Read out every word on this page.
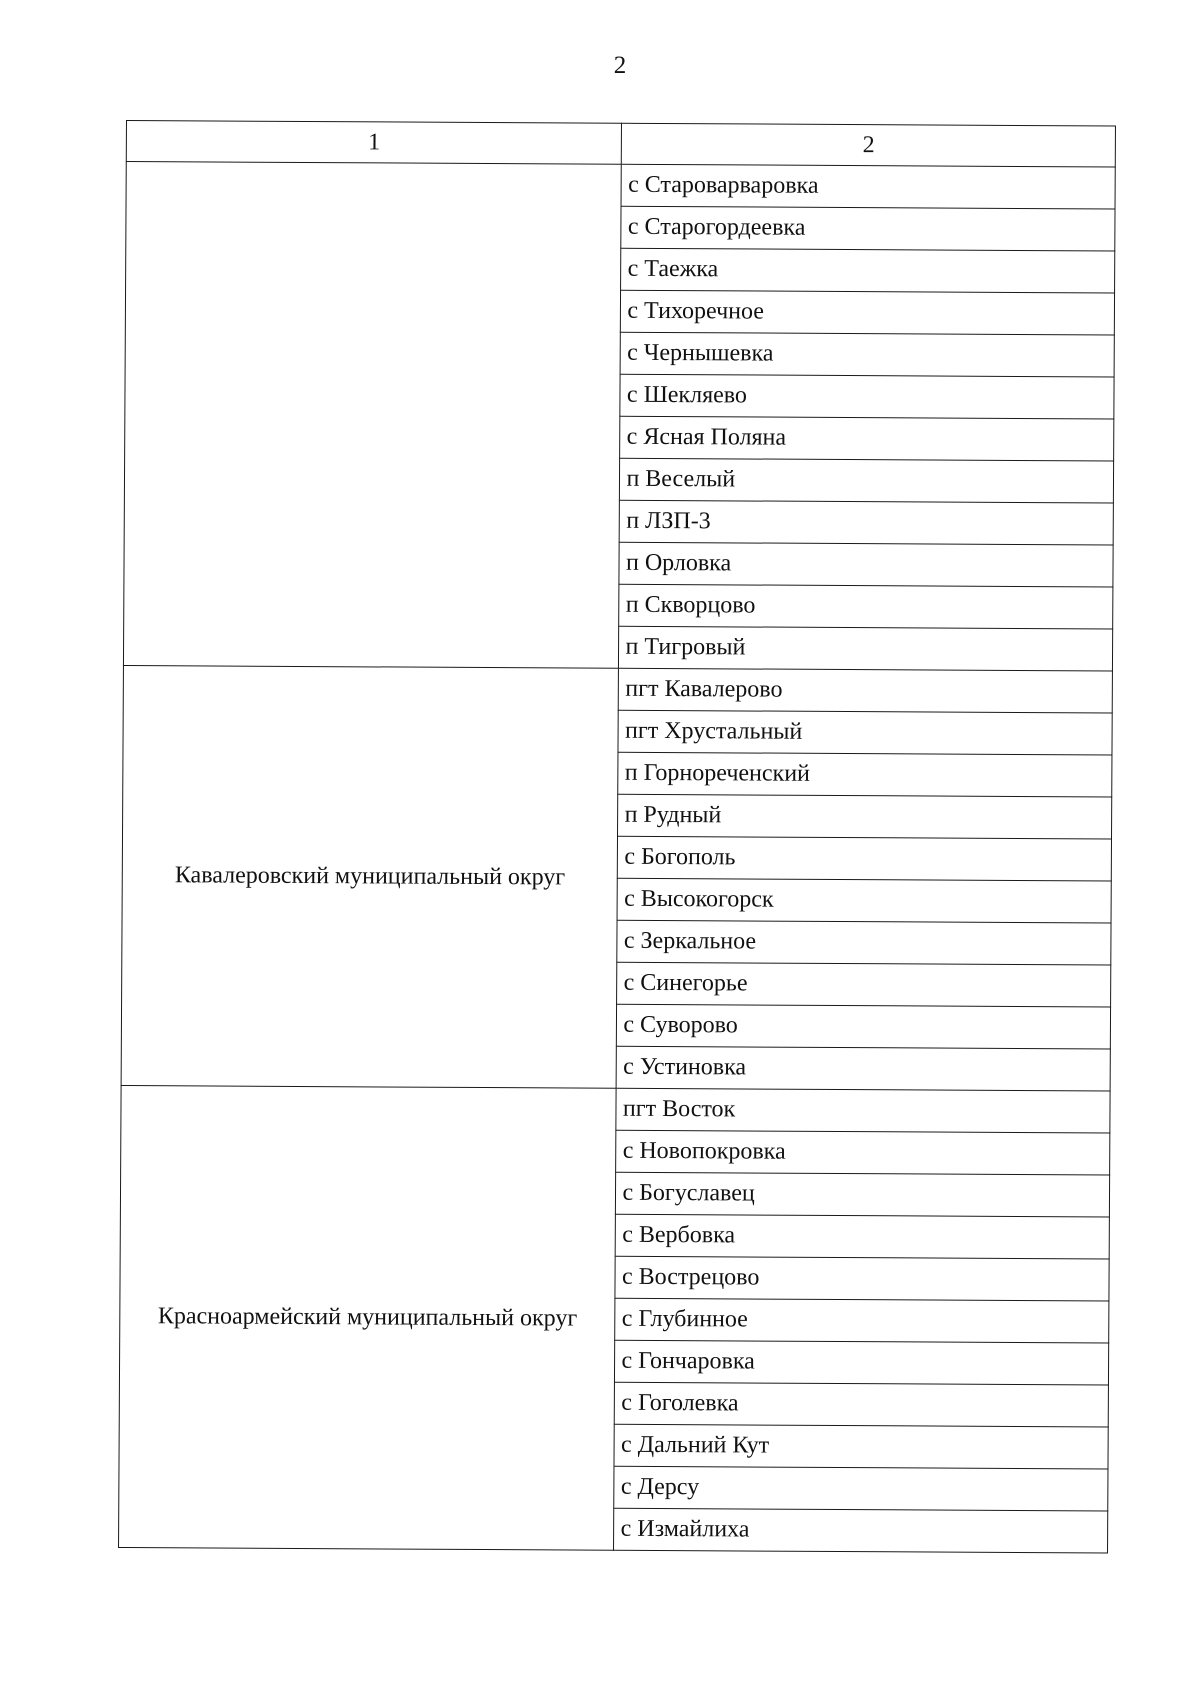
2
1	2
	с Староварваровка
	с Старогордеевка
	с Таежка
	с Тихоречное
	с Чернышевка
	с Шекляево
	с Ясная Поляна
	п Веселый
	п ЛЗП-3
	п Орловка
	п Скворцово
	п Тигровый
Кавалеровский муниципальный округ	пгт Кавалерово
	пгт Хрустальный
	п Горнореченский
	п Рудный
	с Богополь
	с Высокогорск
	с Зеркальное
	с Синегорье
	с Суворово
	с Устиновка
Красноармейский муниципальный округ	пгт Восток
	с Новопокровка
	с Богуславец
	с Вербовка
	с Вострецово
	с Глубинное
	с Гончаровка
	с Гоголевка
	с Дальний Кут
	с Дерсу
	с Измайлиха
